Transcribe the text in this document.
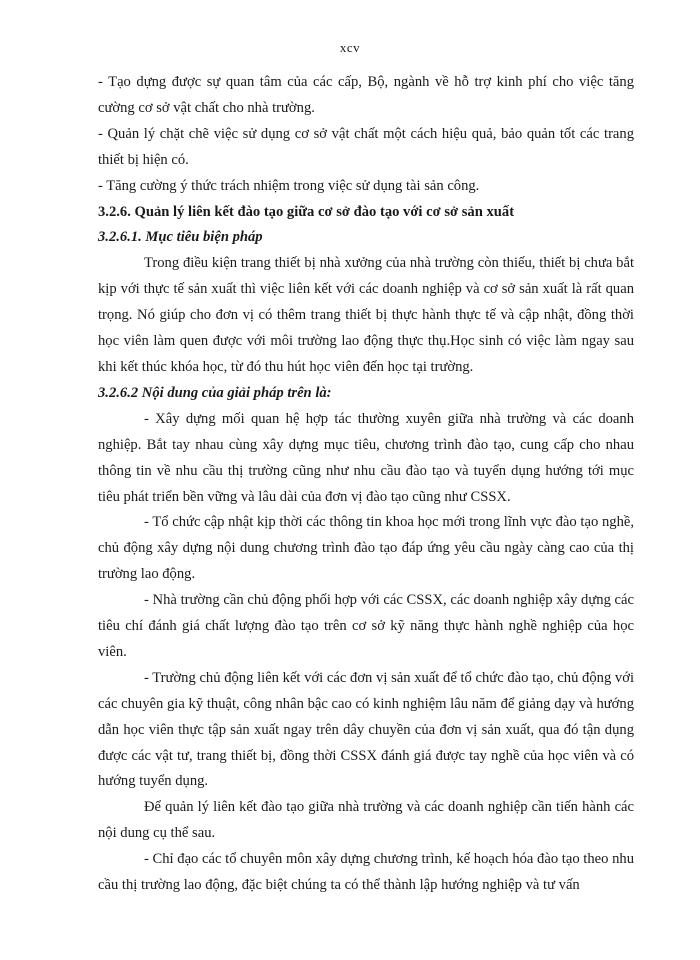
xcv

- Tạo dựng được sự quan tâm của các cấp, Bộ, ngành về hỗ trợ kinh phí cho việc tăng cường cơ sở vật chất cho nhà trường.

- Quản lý chặt chẽ việc sử dụng cơ sở vật chất một cách hiệu quả, bảo quản tốt các trang thiết bị hiện có.

- Tăng cường ý thức trách nhiệm trong việc sử dụng tài sản công.

3.2.6. Quản lý liên kết đào tạo giữa cơ sở đào tạo với cơ sở sản xuất

3.2.6.1. Mục tiêu biện pháp

Trong điều kiện trang thiết bị nhà xưởng của nhà trường còn thiếu, thiết bị chưa bắt kịp với thực tế sản xuất thì việc liên kết với các doanh nghiệp và cơ sở sản xuất là rất quan trọng. Nó giúp cho đơn vị có thêm trang thiết bị thực hành thực tế và cập nhật, đồng thời học viên làm quen được với môi trường lao động thực thụ.Học sinh có việc làm ngay sau khi kết thúc khóa học, từ đó thu hút học viên đến học tại trường.

3.2.6.2 Nội dung của giải pháp trên là:

- Xây dựng mối quan hệ hợp tác thường xuyên giữa nhà trường và các doanh nghiệp. Bắt tay nhau cùng xây dựng mục tiêu, chương trình đào tạo, cung cấp cho nhau thông tin về nhu cầu thị trường cũng như nhu cầu đào tạo và tuyển dụng hướng tới mục tiêu phát triển bền vững và lâu dài của đơn vị đào tạo cũng như CSSX.

- Tổ chức cập nhật kịp thời các thông tin khoa học mới trong lĩnh vực đào tạo nghề, chủ động xây dựng nội dung chương trình đào tạo đáp ứng yêu cầu ngày càng cao của thị trường lao động.

- Nhà trường cần chủ động phối hợp với các CSSX, các doanh nghiệp xây dựng các tiêu chí đánh giá chất lượng đào tạo trên cơ sở kỹ năng thực hành nghề nghiệp của học viên.

- Trường chủ động liên kết với các đơn vị sản xuất để tổ chức đào tạo, chủ động với các chuyên gia kỹ thuật, công nhân bậc cao có kinh nghiệm lâu năm để giảng dạy và hướng dẫn học viên thực tập sản xuất ngay trên dây chuyền của đơn vị sản xuất, qua đó tận dụng được các vật tư, trang thiết bị, đồng thời CSSX đánh giá được tay nghề của học viên và có hướng tuyển dụng.

Để quản lý liên kết đào tạo giữa nhà trường và các doanh nghiệp cần tiến hành các nội dung cụ thể sau.

- Chỉ đạo các tổ chuyên môn xây dựng chương trình, kế hoạch hóa đào tạo theo nhu cầu thị trường lao động, đặc biệt chúng ta có thể thành lập hướng nghiệp và tư vấn
